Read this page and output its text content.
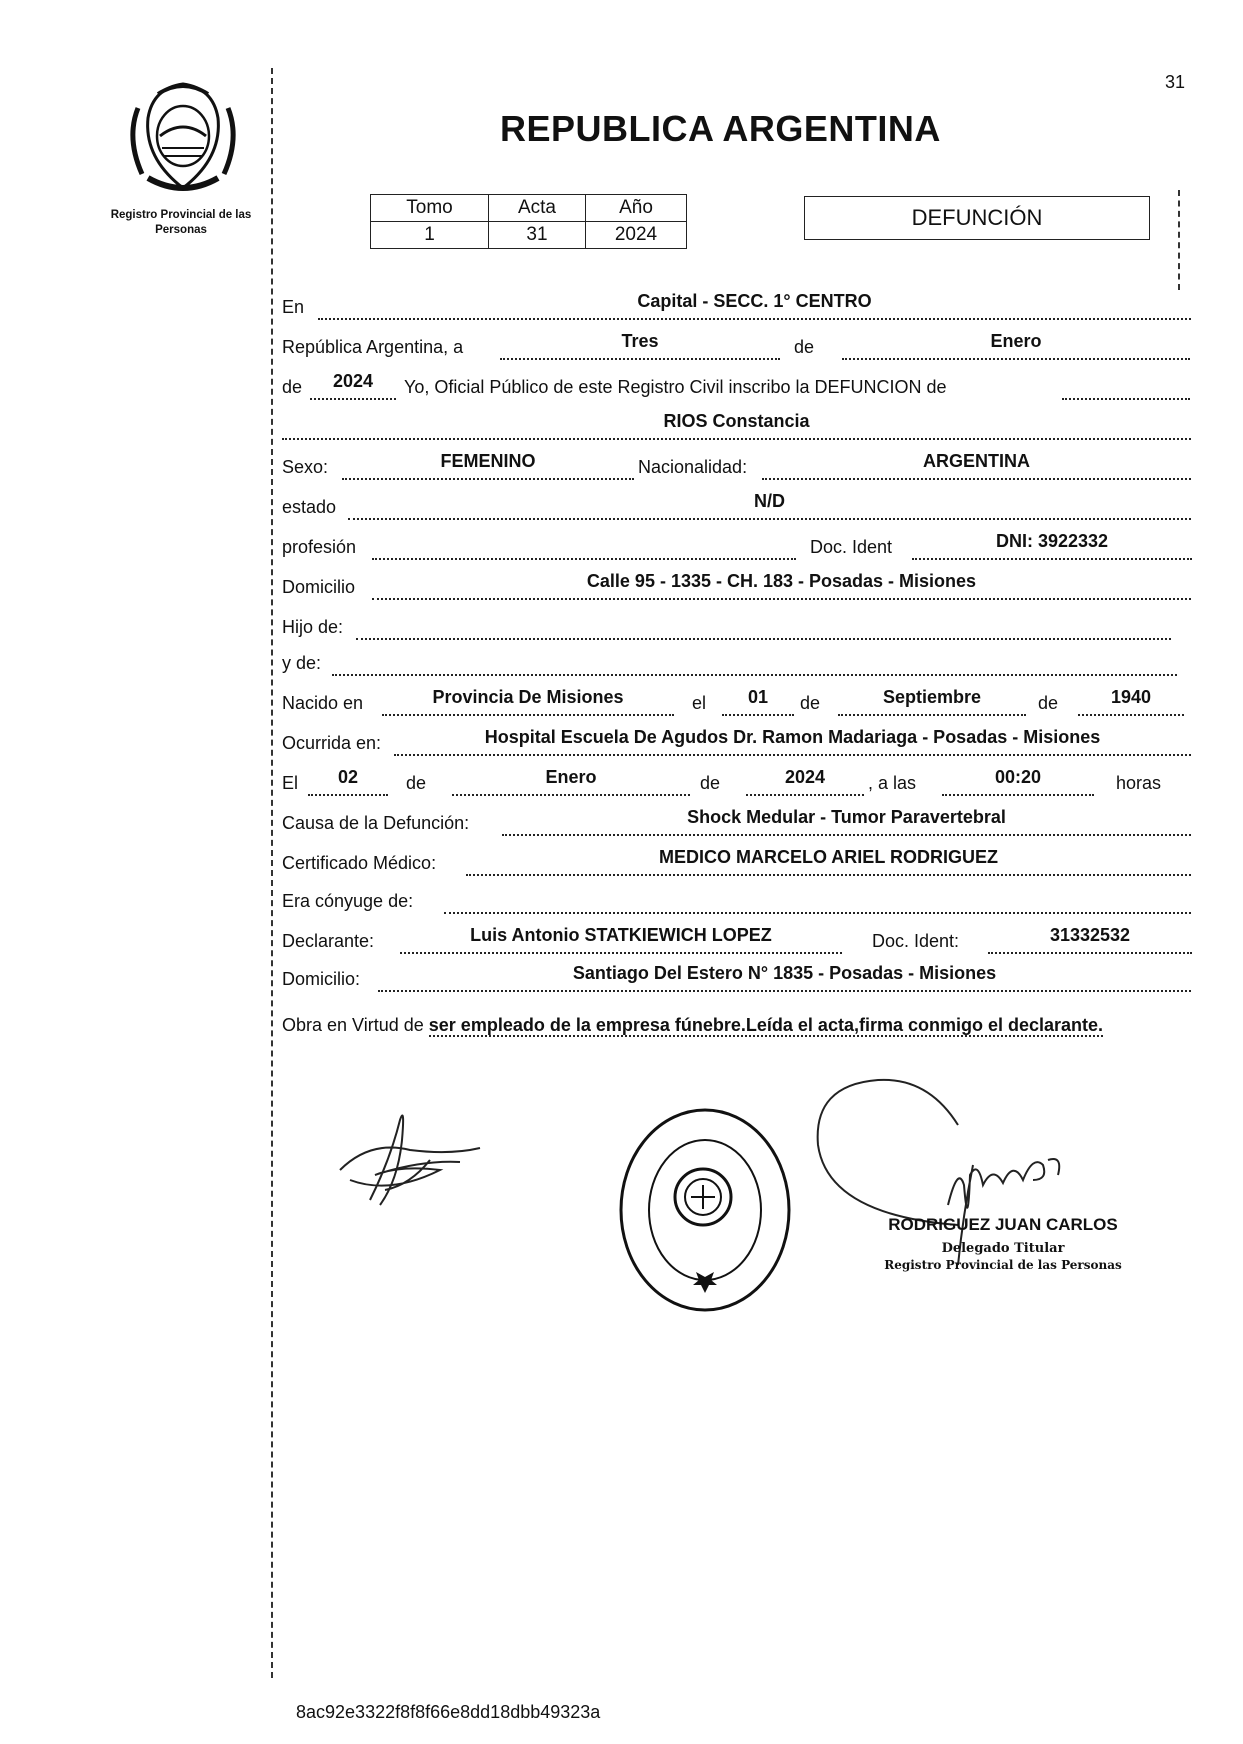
31
Registro Provincial de las Personas
REPUBLICA ARGENTINA
Tomo	Acta	Año
1	31	2024
DEFUNCIÓN
En	Capital - SECC. 1° CENTRO
República Argentina, a	Tres	de	Enero
de	2024	Yo, Oficial Público de este Registro Civil inscribo la DEFUNCION de
RIOS Constancia
Sexo:	FEMENINO	Nacionalidad:	ARGENTINA
estado	N/D
profesión	Doc. Ident	DNI: 3922332
Domicilio	Calle 95 - 1335 - CH. 183 - Posadas - Misiones
Hijo de:
y de:
Nacido en	Provincia De Misiones	el	01	de	Septiembre	de	1940
Ocurrida en:	Hospital Escuela De Agudos Dr. Ramon Madariaga - Posadas - Misiones
El	02	de	Enero	de	2024	, a las	00:20	horas
Causa de la Defunción:	Shock Medular - Tumor Paravertebral
Certificado Médico:	MEDICO MARCELO ARIEL RODRIGUEZ
Era cónyuge de:
Declarante:	Luis Antonio STATKIEWICH LOPEZ	Doc. Ident:	31332532
Domicilio:	Santiago Del Estero N° 1835 - Posadas - Misiones
Obra en Virtud de ser empleado de la empresa fúnebre.Leída el acta,firma conmigo el declarante.
RODRIGUEZ JUAN CARLOS
Delegado Titular
Registro Provincial de las Personas
8ac92e3322f8f8f66e8dd18dbb49323a
